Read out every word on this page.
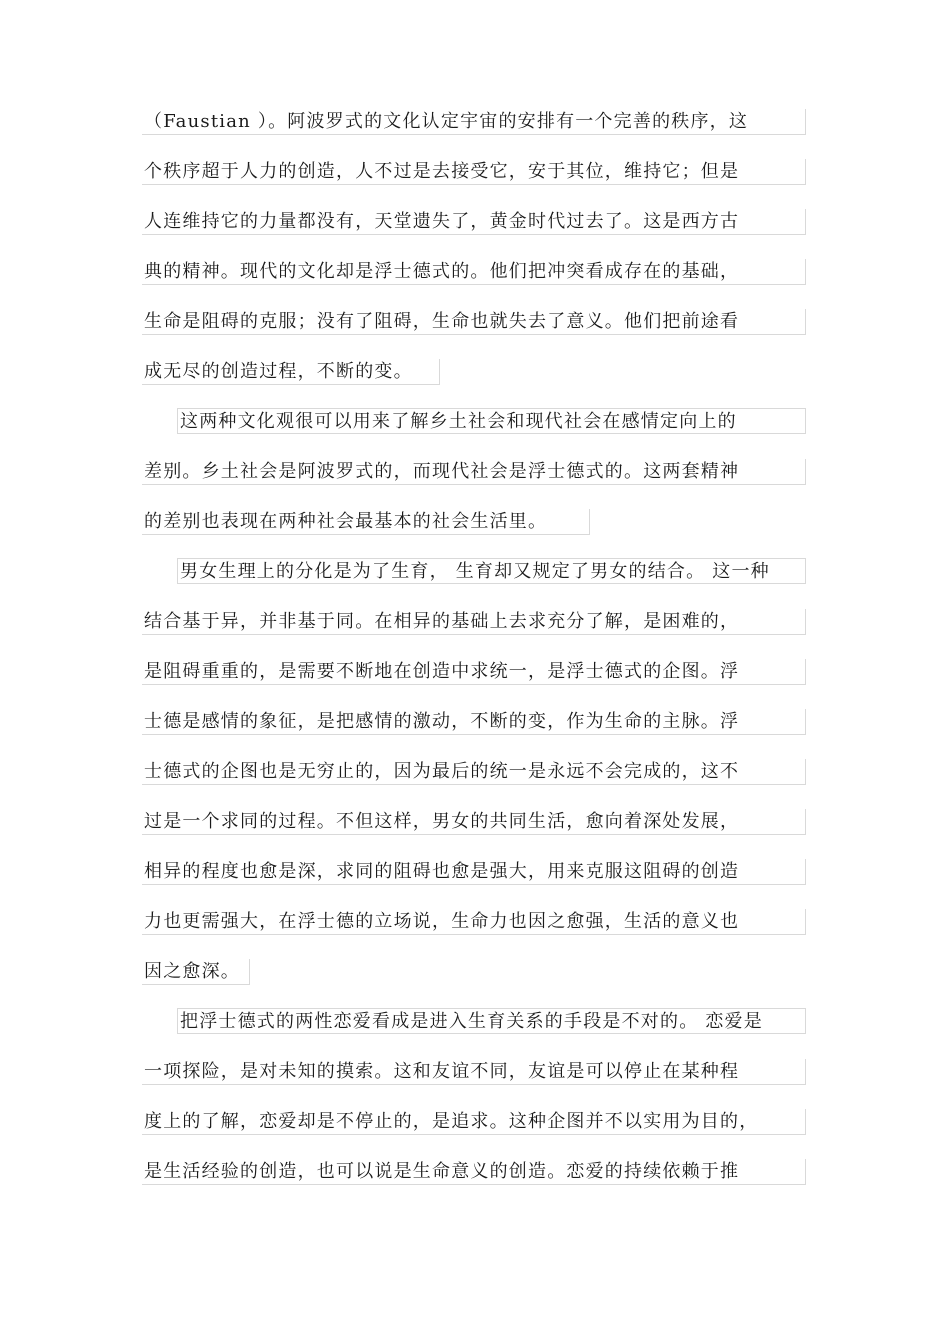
（Faustian ）。阿波罗式的文化认定宇宙的安排有一个完善的秩序，这
个秩序超于人力的创造，人不过是去接受它，安于其位，维持它；但是
人连维持它的力量都没有，天堂遗失了，黄金时代过去了。这是西方古
典的精神。现代的文化却是浮士德式的。他们把冲突看成存在的基础，
生命是阻碍的克服；没有了阻碍，生命也就失去了意义。他们把前途看
成无尽的创造过程，不断的变。
这两种文化观很可以用来了解乡土社会和现代社会在感情定向上的
差别。乡土社会是阿波罗式的，而现代社会是浮士德式的。这两套精神
的差别也表现在两种社会最基本的社会生活里。
男女生理上的分化是为了生育， 生育却又规定了男女的结合。 这一种
结合基于异，并非基于同。在相异的基础上去求充分了解，是困难的，
是阻碍重重的，是需要不断地在创造中求统一，是浮士德式的企图。浮
士德是感情的象征，是把感情的激动，不断的变，作为生命的主脉。浮
士德式的企图也是无穷止的，因为最后的统一是永远不会完成的，这不
过是一个求同的过程。不但这样，男女的共同生活，愈向着深处发展，
相异的程度也愈是深，求同的阻碍也愈是强大，用来克服这阻碍的创造
力也更需强大，在浮士德的立场说，生命力也因之愈强，生活的意义也
因之愈深。
把浮士德式的两性恋爱看成是进入生育关系的手段是不对的。 恋爱是
一项探险，是对未知的摸索。这和友谊不同，友谊是可以停止在某种程
度上的了解，恋爱却是不停止的，是追求。这种企图并不以实用为目的，
是生活经验的创造，也可以说是生命意义的创造。恋爱的持续依赖于推
